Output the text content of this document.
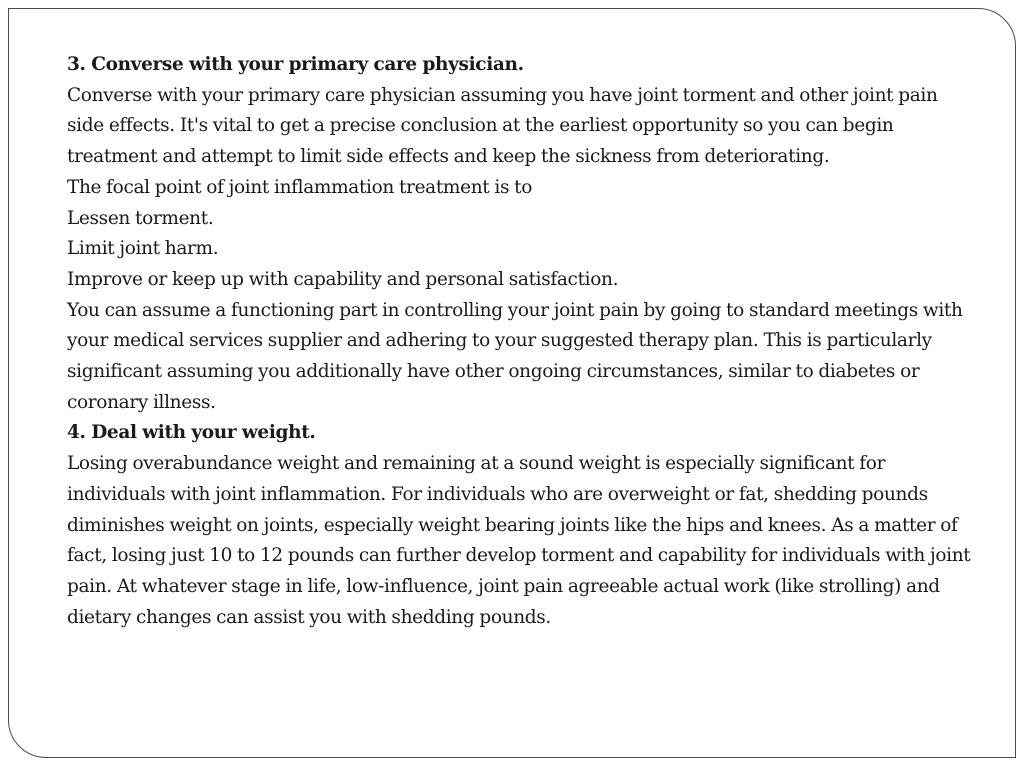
3. Converse with your primary care physician.

Converse with your primary care physician assuming you have joint torment and other joint pain side effects. It's vital to get a precise conclusion at the earliest opportunity so you can begin treatment and attempt to limit side effects and keep the sickness from deteriorating.

The focal point of joint inflammation treatment is to

Lessen torment.

Limit joint harm.

Improve or keep up with capability and personal satisfaction.

You can assume a functioning part in controlling your joint pain by going to standard meetings with your medical services supplier and adhering to your suggested therapy plan. This is particularly significant assuming you additionally have other ongoing circumstances, similar to diabetes or coronary illness.

4. Deal with your weight.

Losing overabundance weight and remaining at a sound weight is especially significant for individuals with joint inflammation. For individuals who are overweight or fat, shedding pounds diminishes weight on joints, especially weight bearing joints like the hips and knees. As a matter of fact, losing just 10 to 12 pounds can further develop torment and capability for individuals with joint pain. At whatever stage in life, low-influence, joint pain agreeable actual work (like strolling) and dietary changes can assist you with shedding pounds.
